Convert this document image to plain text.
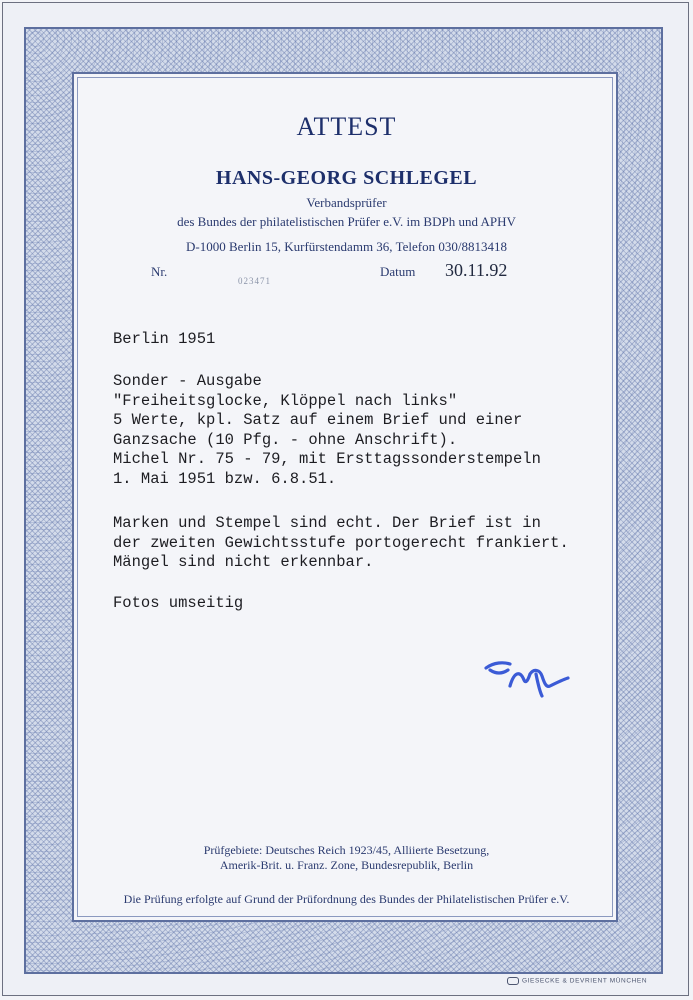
ATTEST
HANS-GEORG SCHLEGEL
Verbandsprüfer
des Bundes der philatelistischen Prüfer e.V. im BDPh und APHV
D-1000 Berlin 15, Kurfürstendamm 36, Telefon 030/8813418
Nr.
023471
Datum 30.11.92
Berlin 1951
Sonder - Ausgabe
"Freiheitsglocke, Klöppel nach links"
5 Werte, kpl. Satz auf einem Brief und einer
Ganzsache (10 Pfg. - ohne Anschrift).
Michel Nr. 75 - 79, mit Ersttagssonderstempeln
1. Mai 1951 bzw. 6.8.51.
Marken und Stempel sind echt. Der Brief ist in
der zweiten Gewichtsstufe portogerecht frankiert.
Mängel sind nicht erkennbar.
Fotos umseitig
Prüfgebiete: Deutsches Reich 1923/45, Alliierte Besetzung,
Amerik-Brit. u. Franz. Zone, Bundesrepublik, Berlin
Die Prüfung erfolgte auf Grund der Prüfordnung des Bundes der Philatelistischen Prüfer e.V.
GIESECKE & DEVRIENT MÜNCHEN
